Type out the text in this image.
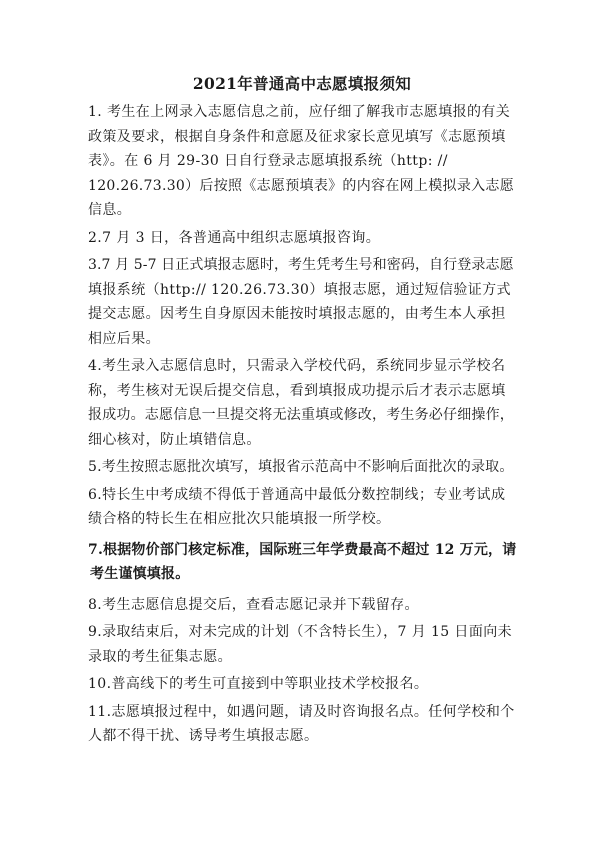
2021年普通高中志愿填报须知
1. 考生在上网录入志愿信息之前，应仔细了解我市志愿填报的有关
政策及要求，根据自身条件和意愿及征求家长意见填写《志愿预填
表》。在 6 月 29-30 日自行登录志愿填报系统（http: //
120.26.73.30）后按照《志愿预填表》的内容在网上模拟录入志愿
信息。
2.7 月 3 日，各普通高中组织志愿填报咨询。
3.7 月 5-7 日正式填报志愿时，考生凭考生号和密码，自行登录志愿
填报系统（http:// 120.26.73.30）填报志愿，通过短信验证方式
提交志愿。因考生自身原因未能按时填报志愿的，由考生本人承担
相应后果。
4.考生录入志愿信息时，只需录入学校代码，系统同步显示学校名
称，考生核对无误后提交信息，看到填报成功提示后才表示志愿填
报成功。志愿信息一旦提交将无法重填或修改，考生务必仔细操作，
细心核对，防止填错信息。
5.考生按照志愿批次填写，填报省示范高中不影响后面批次的录取。
6.特长生中考成绩不得低于普通高中最低分数控制线；专业考试成
绩合格的特长生在相应批次只能填报一所学校。
7.根据物价部门核定标准，国际班三年学费最高不超过 12 万元，请
考生谨慎填报。
8.考生志愿信息提交后，查看志愿记录并下载留存。
9.录取结束后，对未完成的计划（不含特长生），7 月 15 日面向未
录取的考生征集志愿。
10.普高线下的考生可直接到中等职业技术学校报名。
11.志愿填报过程中，如遇问题，请及时咨询报名点。任何学校和个
人都不得干扰、诱导考生填报志愿。
